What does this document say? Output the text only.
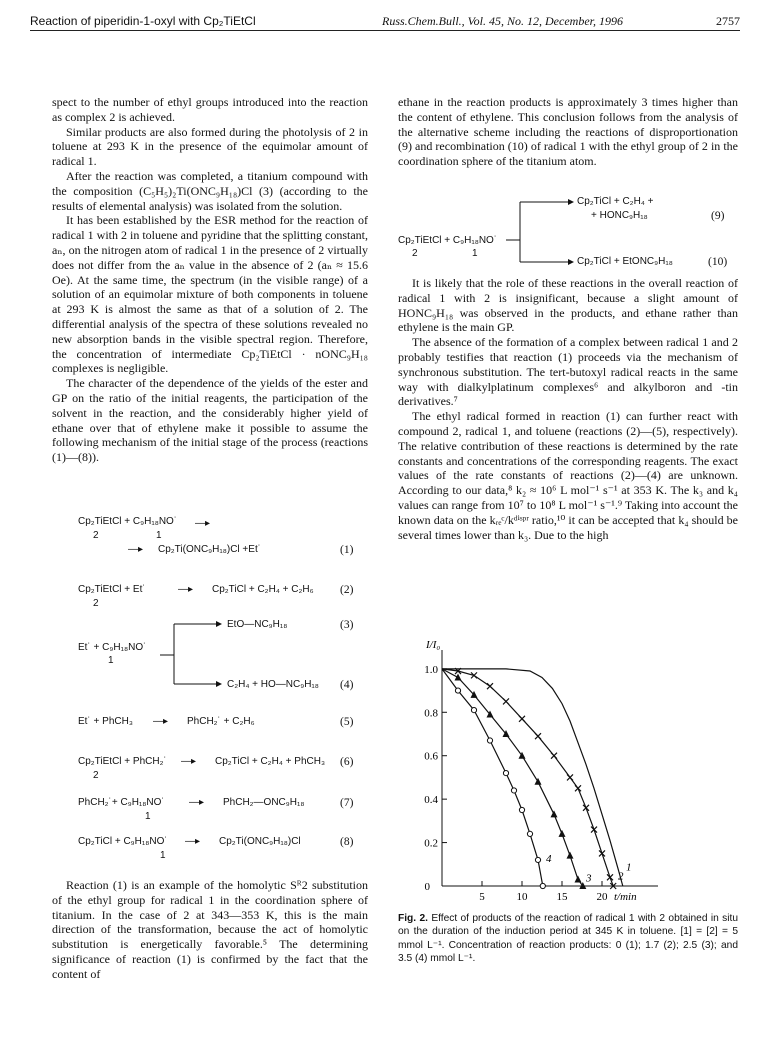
Reaction of piperidin-1-oxyl with Cp₂TiEtCl	Russ.Chem.Bull., Vol. 45, No. 12, December, 1996	2757

spect to the number of ethyl groups introduced into the reaction as complex 2 is achieved.

Similar products are also formed during the photolysis of 2 in toluene at 293 K in the presence of the equimolar amount of radical 1.

After the reaction was completed, a titanium compound with the composition (C₅H₅)₂Ti(ONC₉H₁₈)Cl (3) (according to the results of elemental analysis) was isolated from the solution.

It has been established by the ESR method for the reaction of radical 1 with 2 in toluene and pyridine that the splitting constant, aₙ, on the nitrogen atom of radical 1 in the presence of 2 virtually does not differ from the aₙ value in the absence of 2 (aₙ ≈ 15.6 Oe). At the same time, the spectrum (in the visible range) of a solution of an equimolar mixture of both components in toluene at 293 K is almost the same as that of a solution of 2. The differential analysis of the spectra of these solutions revealed no new absorption bands in the visible spectral region. Therefore, the concentration of intermediate Cp₂TiEtCl · nONC₉H₁₈ complexes is negligible.

The character of the dependence of the yields of the ester and GP on the ratio of the initial reagents, the participation of the solvent in the reaction, and the considerably higher yield of ethane over that of ethylene make it possible to assume the following mechanism of the initial stage of the process (reactions (1)—(8)).

Cp₂TiEtCl + C₉H₁₈NO˙ —▸
2	1
—▸ Cp₂Ti(ONC₉H₁₈)Cl +Et˙	(1)
Cp₂TiEtCl + Et˙	—▸ Cp₂TiCl + C₂H₄ + C₂H₆ (2)
2
EtO—NC₉H₁₈	(3)
Et˙ + C₉H₁₈NO˙
1
C₂H₄ + HO—NC₉H₁₈ (4)
Et˙ + PhCH₃ —▸ PhCH₂˙ + C₂H₆	(5)
Cp₂TiEtCl + PhCH₂˙ —▸ Cp₂TiCl + C₂H₄ + PhCH₃ (6)
2
PhCH₂˙+ C₉H₁₈NO˙ —▸ PhCH₂—ONC₉H₁₈	(7)
1
Cp₂TiCl + C₉H₁₈NO˙ —▸ Cp₂Ti(ONC₉H₁₈)Cl	(8)
1

Reaction (1) is an example of the homolytic Sᴿ2 substitution of the ethyl group for radical 1 in the coordination sphere of titanium. In the case of 2 at 343—353 K, this is the main direction of the transformation, because the act of homolytic substitution is energetically favorable.⁵ The determining significance of reaction (1) is confirmed by the fact that the content of

ethane in the reaction products is approximately 3 times higher than the content of ethylene. This conclusion follows from the analysis of the alternative scheme including the reactions of disproportionation (9) and recombination (10) of radical 1 with the ethyl group of 2 in the coordination sphere of the titanium atom.

Cp₂TiCl + C₂H₄ +
+ HONC₉H₁₈	(9)
Cp₂TiEtCl + C₉H₁₈NO˙
2	1
Cp₂TiCl + EtONC₉H₁₈	(10)

It is likely that the role of these reactions in the overall reaction of radical 1 with 2 is insignificant, because a slight amount of HONC₉H₁₈ was observed in the products, and ethane rather than ethylene is the main GP.

The absence of the formation of a complex between radical 1 and 2 probably testifies that reaction (1) proceeds via the mechanism of synchronous substitution. The tert-butoxyl radical reacts in the same way with dialkylplatinum complexes⁶ and alkylboron and -tin derivatives.⁷

The ethyl radical formed in reaction (1) can further react with compound 2, radical 1, and toluene (reactions (2)—(5), respectively). The relative contribution of these reactions is determined by the rate constants and concentrations of the corresponding reagents. The exact values of the rate constants of reactions (2)—(4) are unknown. According to our data,⁸ k₂ ≈ 10⁶ L mol⁻¹ s⁻¹ at 353 K. The k₃ and k₄ values can range from 10⁷ to 10⁸ L mol⁻¹ s⁻¹.⁹ Taking into account the known data on the kᵣₑᶜ/kᵈⁱˢᵖʳ ratio,¹⁰ it can be accepted that k₄ should be several times lower than k₃. Due to the high

5	10	15	20
0.2
0.4
0.6
0.8
1.0
0
I/I₀
t/min
1
2
3
4
Fig. 2. Effect of products of the reaction of radical 1 with 2 obtained in situ on the duration of the induction period at 345 K in toluene. [1] = [2] = 5 mmol L⁻¹. Concentration of reaction products: 0 (1); 1.7 (2); 2.5 (3); and 3.5 (4) mmol L⁻¹.
